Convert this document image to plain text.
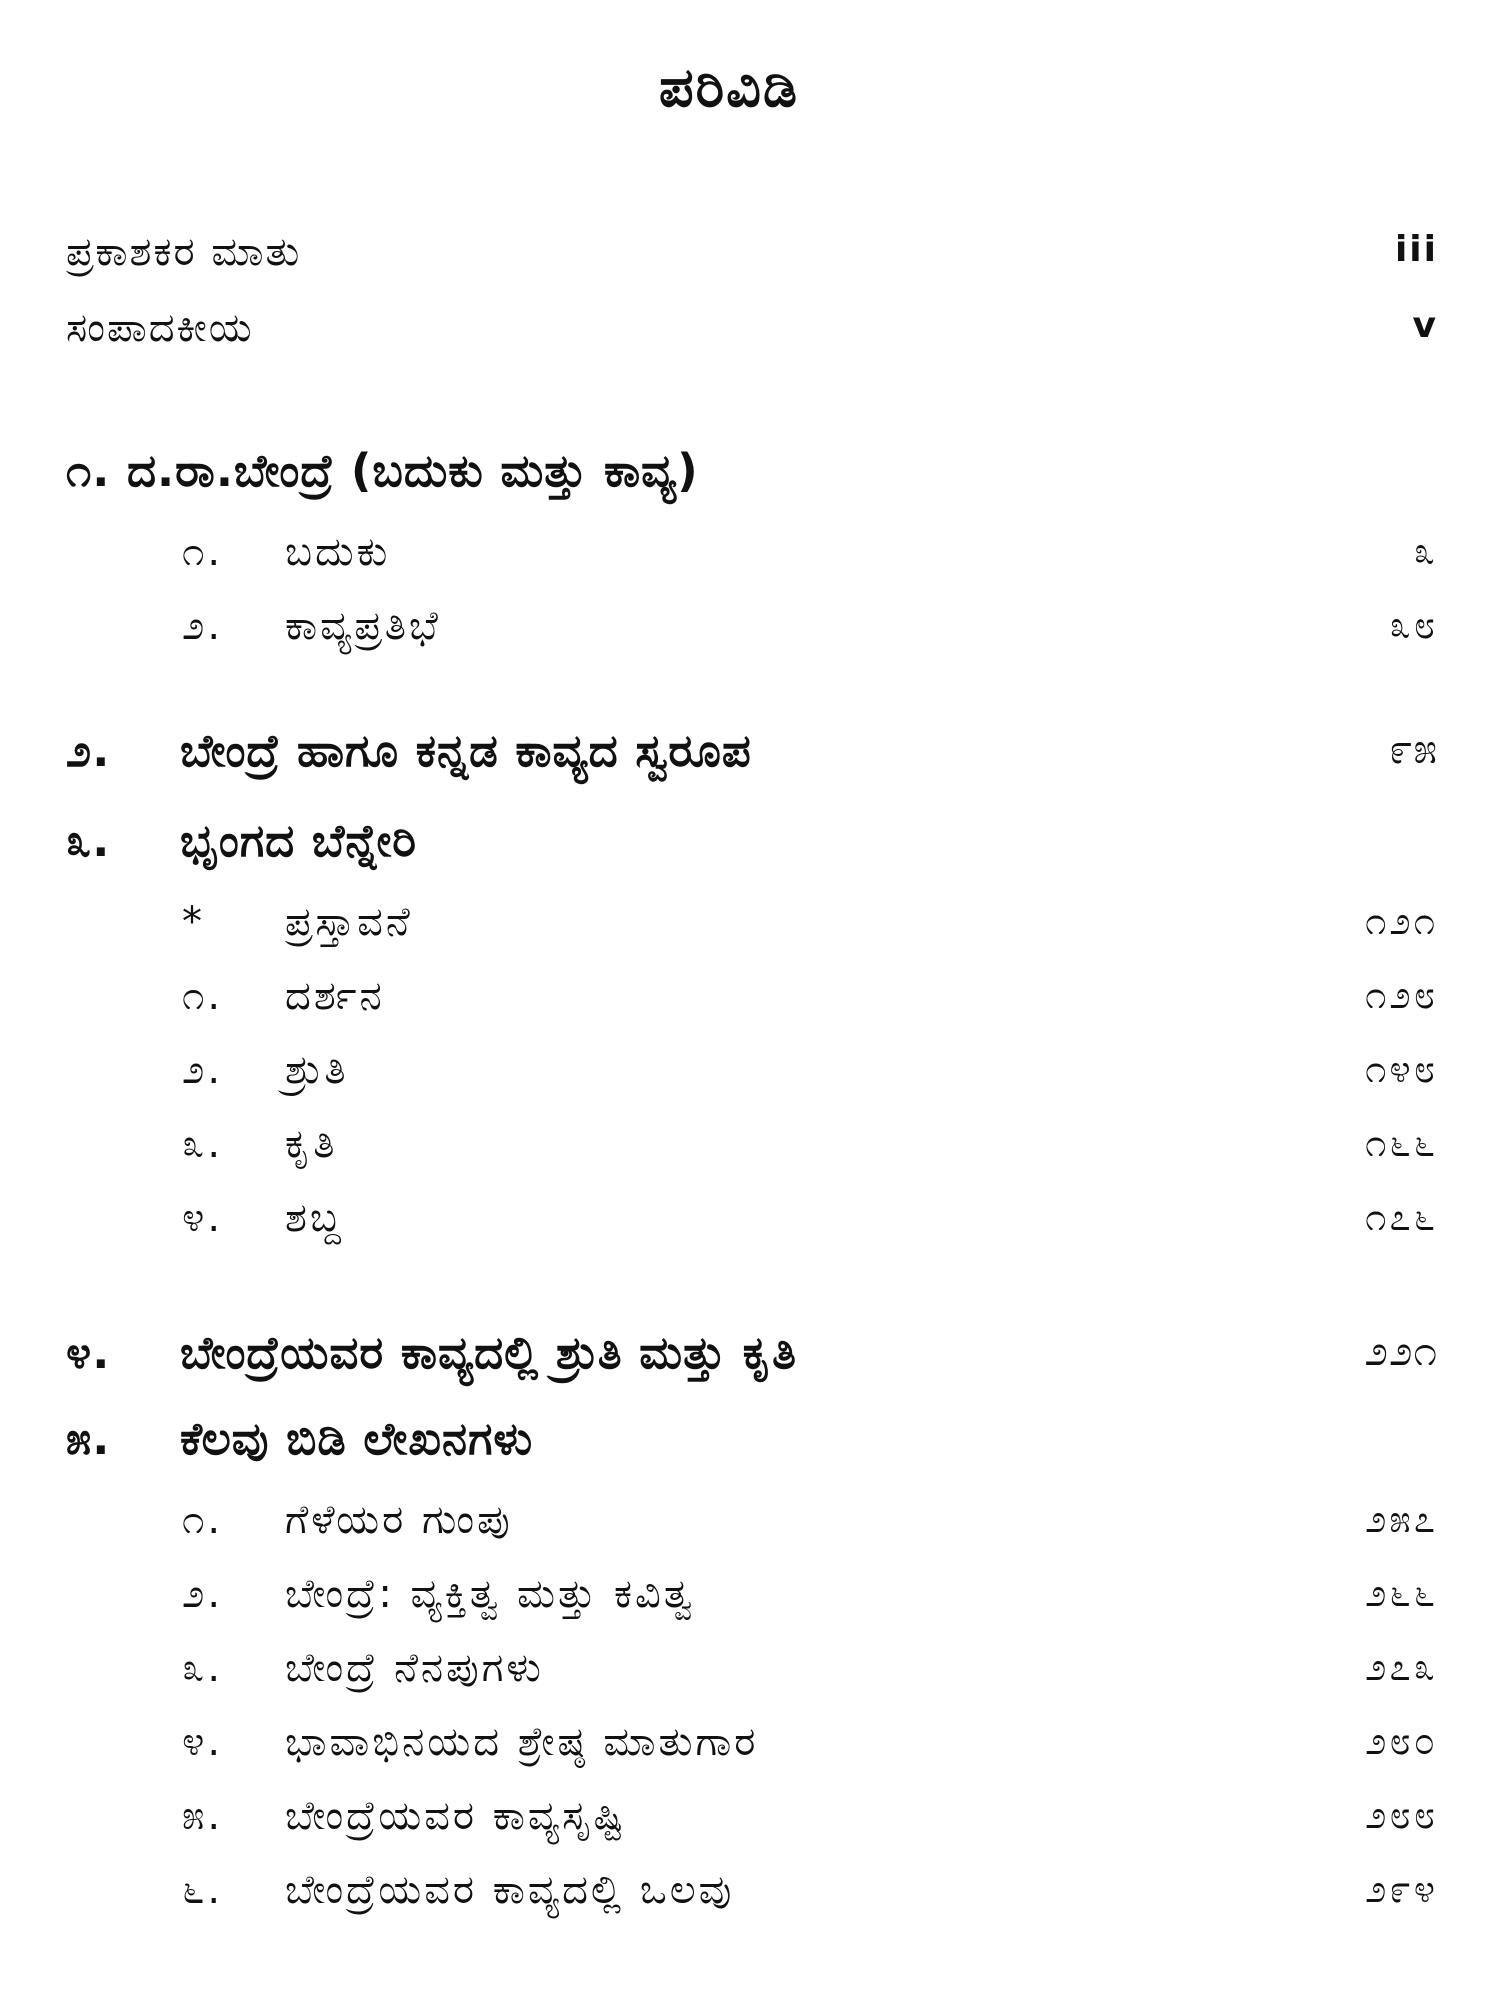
ಪರಿವಿಡಿ
ಪ್ರಕಾಶಕರ ಮಾತು	iii
ಸಂಪಾದಕೀಯ	v
೧. ದ.ರಾ.ಬೇಂದ್ರೆ (ಬದುಕು ಮತ್ತು ಕಾವ್ಯ)
೧. ಬದುಕು	೩
೨. ಕಾವ್ಯಪ್ರತಿಭೆ	೩೮
೨. ಬೇಂದ್ರೆ ಹಾಗೂ ಕನ್ನಡ ಕಾವ್ಯದ ಸ್ವರೂಪ	೯೫
೩. ಭೃಂಗದ ಬೆನ್ನೇರಿ
* ಪ್ರಸ್ತಾವನೆ	೧೨೧
೧. ದರ್ಶನ	೧೨೮
೨. ಶ್ರುತಿ	೧೪೮
೩. ಕೃತಿ	೧೬೬
೪. ಶಬ್ದ	೧೭೬
೪. ಬೇಂದ್ರೆಯವರ ಕಾವ್ಯದಲ್ಲಿ ಶ್ರುತಿ ಮತ್ತು ಕೃತಿ	೨೨೧
೫. ಕೆಲವು ಬಿಡಿ ಲೇಖನಗಳು
೧. ಗೆಳೆಯರ ಗುಂಪು	೨೫೭
೨. ಬೇಂದ್ರೆ: ವ್ಯಕ್ತಿತ್ವ ಮತ್ತು ಕವಿತ್ವ	೨೬೬
೩. ಬೇಂದ್ರೆ ನೆನಪುಗಳು	೨೭೩
೪. ಭಾವಾಭಿನಯದ ಶ್ರೇಷ್ಠ ಮಾತುಗಾರ	೨೮೦
೫. ಬೇಂದ್ರೆಯವರ ಕಾವ್ಯಸೃಷ್ಟಿ	೨೮೮
೬. ಬೇಂದ್ರೆಯವರ ಕಾವ್ಯದಲ್ಲಿ ಒಲವು	೨೯೪
